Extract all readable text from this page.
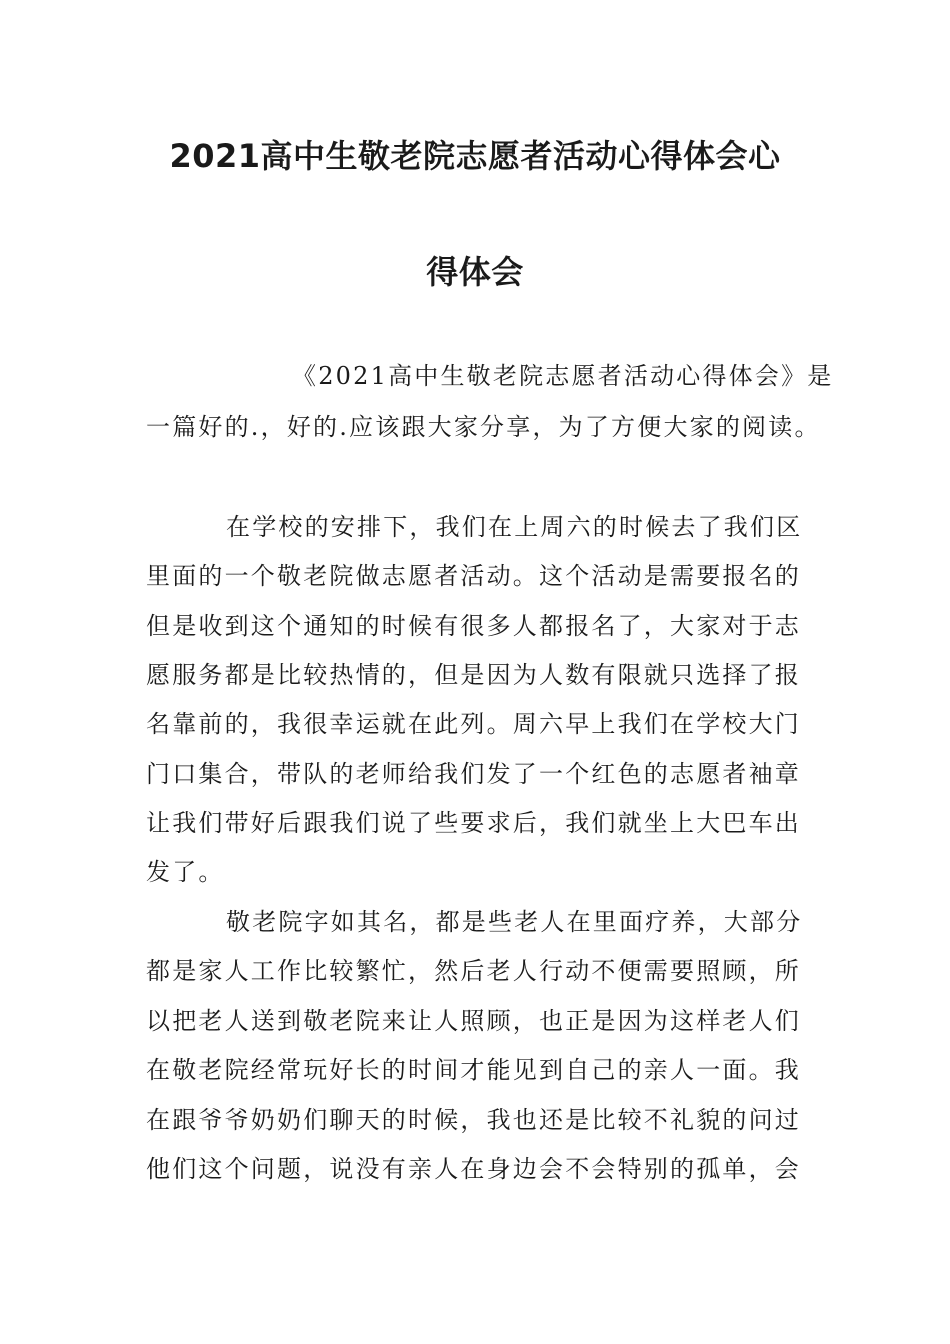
2021高中生敬老院志愿者活动心得体会心
得体会

《2021高中生敬老院志愿者活动心得体会》是

一篇好的.，好的.应该跟大家分享，为了方便大家的阅读。

在学校的安排下，我们在上周六的时候去了我们区

里面的一个敬老院做志愿者活动。这个活动是需要报名的

但是收到这个通知的时候有很多人都报名了，大家对于志

愿服务都是比较热情的，但是因为人数有限就只选择了报

名靠前的，我很幸运就在此列。周六早上我们在学校大门

门口集合，带队的老师给我们发了一个红色的志愿者袖章

让我们带好后跟我们说了些要求后，我们就坐上大巴车出

发了。

敬老院字如其名，都是些老人在里面疗养，大部分

都是家人工作比较繁忙，然后老人行动不便需要照顾，所

以把老人送到敬老院来让人照顾，也正是因为这样老人们

在敬老院经常玩好长的时间才能见到自己的亲人一面。我

在跟爷爷奶奶们聊天的时候，我也还是比较不礼貌的问过

他们这个问题，说没有亲人在身边会不会特别的孤单，会
